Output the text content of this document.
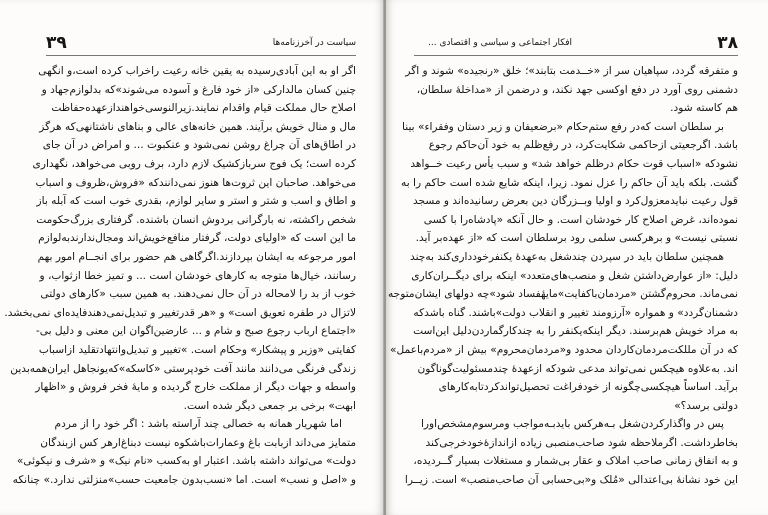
۳۹	سیاست در آخرزنامه‌ها

اگر او به این آبادی‌رسیده به یقین خانه رعیت راخراب کرده است،و انگهی
چنین کسان مالدارکی «از خود فارغ و آسوده می‌شوند»که بدلوازم‌جهاد و
اصلاح حال مملکت قیام واقدام نمایند.زیرالنوسی‌خواهندازعهده‌حفاظت
مال و منال خویش برآیند. همین خانه‌های عالی و بناهای ناشتانهی‌که هرگز
در اطاق‌های آن چراغ روشن نمی‌شود و عنکبوت ... و امراض در آن جای
کرده است؛ یک فوج سرباز‌کشیک لازم دارد، برف روبی می‌خواهد، نگهداری
می‌خواهد. صاحبان این ثروت‌ها هنوز نمی‌دانندکه «فروش،ظروف و اسباب
و اطاق و اسب و شتر و استر و سایر لوازم، بقدری خوب است که آبله باز
شخص راکشته، نه بارگرانی بردوش انسان باشنده. گرفتاری بزرگ‌حکومت
ما این است که «اولیای دولت، گرفتار منافع‌خویش‌اند ومجال‌ندارندبه‌لوازم
امور مرجوعه به ایشان بپردازند.اگرگاهی هم حضور برای انجــام امور بهم
رسانند، خیال‌ها متوجه به کارهای خودشان است ... و تمیز خطا ازثواب، و
خوب از بد را لامحاله در آن حال نمی‌دهند. به همین سبب «کارهای دولتی
لاتزال در طفره تعویق است» و «هر قدرتغییر و تبدیل‌نمی‌دهندفایده‌ای نمی‌بخشد.
«اجتماع ارباب رجوع صبح و شام و ... عارضین‌اگوان این معنی و دلیل بی-
کفایتی «وزیر و پیشکار» وحکام است. »تغییر و تبدیل‌وانتهادتقلید ازاسباب
زندگی فرنگی می‌دانند مانند آفت خودپرستی «کاسکه»که‌یونجاهل ایران‌همه‌بدین
واسطه و جهات دیگر از مملکت خارج گردیده و مایهٔ فخر فروش و «اظهار
ابهت» برخی بر جمعی دیگر شده است.

اما شهریار همانه به خصالی چند آراسته باشد : اگر خود را از مردم
متمایز می‌داند ازبابت باغ وعمارات‌باشکوه نیست دبناغ‌ارهر کس ازبندگان
دولت» می‌تواند داشته باشد. اعتبار او به‌کسب «نام نیک» و «شرف و نیکوئی»
و «اصل و نسب» است. اما «نسب‌بدون جامعیت حسب»منزلتی ندارد.» چنانکه

افکار اجتماعی و سیاسی و اقتصادی ...	۳۸

و متفرقه گردد، سپاهیان سر از «خــدمت بتابند»؛ خلق «رنجیده» شوند و اگر
دشمنی روی آورد در دفع اوکسی جهد نکند، و درضمن از «مداخلهٔ سلطان،
هم کاسته شود.

بر سلطان است که‌در رفع ستم‌حکام «برضعیفان و زیر دستان وفقراء» بینا
باشد. اگرجعیتی ازحاکمی شکایت‌کرد، در رفع‌ظلم به خود آن‌حاکم رجوع
نشودکه «اسباب قوت حکام درظلم خواهد شد» و سبب یأس رعیت خــواهد
گشت. بلکه باید آن حاکم را عزل نمود. زیرا، اینکه شایع شده است حاکم را به
قول رعیت نباید‌معزول‌کرد و اولیا وبــزرگان دین بعرض رسانیده‌اند و مسجد
نموده‌اند، غرض اصلاح کار خودشان است. و حال آنکه «پادشاه‌را با کسی
نسبتی نیست» و برهرکسی سلمی رود برسلطان است که «از عهده‌بر آید.

همچنین سلطان باید در سپردن چندشغل به‌عهدهٔ یکنفرخودداری‌کند به‌چند
دلیل: «از عوارض‌داشتن شغل و منصب‌های‌متعدد» اینکه برای دیگــران‌کاری
نمی‌ماند. محروم‌گشتن «مردمان‌باکفایت»مایهٔفساد شود»چه دولهای ایشان‌متوجه
دشمنان‌گردد» و همواره «آرزومند تغییر و انقلاب دولت»باشند. گناه باشدکه
به مراد خویش هم‌برسند. دیگر اینکه‌یکنفر را به چندکارگماردن‌دلیل این‌است
که در آن مللکت‌مردمان‌کاردان محدود و«مردمان‌محروم» بیش از «مردم‌باعمل»
اند. به‌علاوه هیچکس نمی‌تواند مدعی شودکه ازعهدهٔ چندمسئولیت‌گوناگون
برآید. اساساً هیچکسی‌چگونه از خودفراغت تحصیل‌تواندکردتابه‌کارهای
دولتی برسد؟»

پس در واگذارکردن‌شغل بـه‌هرکس بایدبـه‌مواجب ومرسوم‌مشخص‌اورا
بخاطرداشت. اگرملاحظه شود صاحب‌منصبی زیاده ازاندازهٔ‌خودخرجی‌کند
و به انفاق زمانی صاحب املاک و عقار بی‌شمار و مستغلات بسیار گــردیده،
این خود نشانهٔ بی‌اعتدالی «مُلک و«بی‌حسابی آن صاحب‌منصب» است. زیــرا
